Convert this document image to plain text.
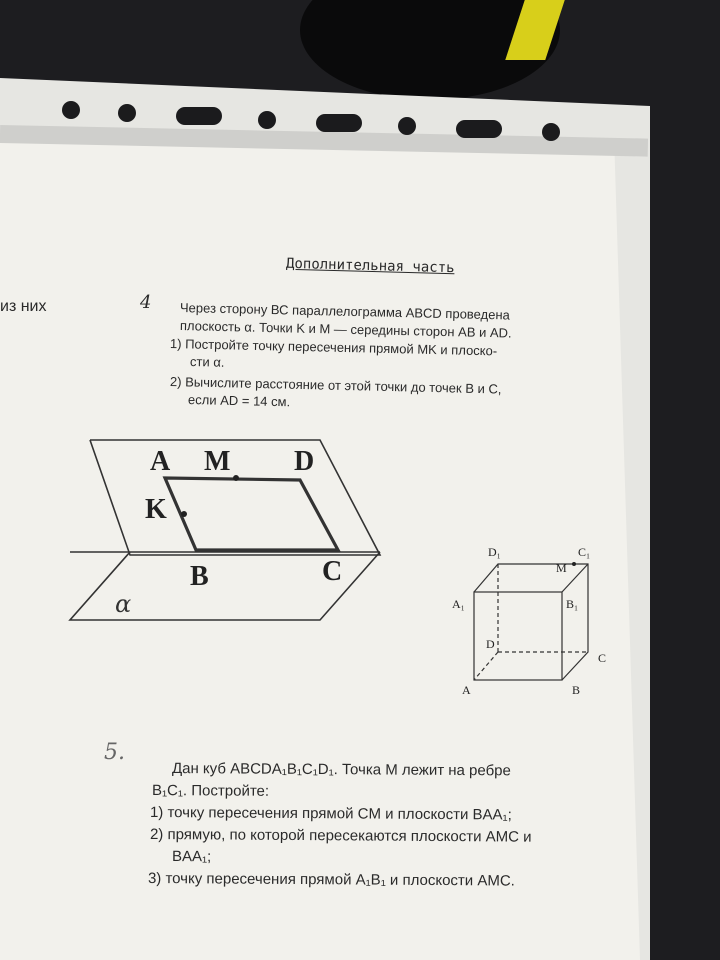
из них
Дополнительная часть
4 Через сторону ВС параллелограмма ABCD проведена
плоскость α. Точки K и M — середины сторон AB и AD.
1) Постройте точку пересечения прямой MK и плоско-
сти α.
2) Вычислите расстояние от этой точки до точек B и C,
если AD = 14 см.
A M D
K
B	C
α
D₁	C₁
M
A₁	B₁
D
C
A	B
5.
Дан куб ABCDA₁B₁C₁D₁. Точка M лежит на ребре
B₁C₁. Постройте:
1) точку пересечения прямой CM и плоскости BAA₁;
2) прямую, по которой пересекаются плоскости AMC и
BAA₁;
3) точку пересечения прямой A₁B₁ и плоскости AMC.
